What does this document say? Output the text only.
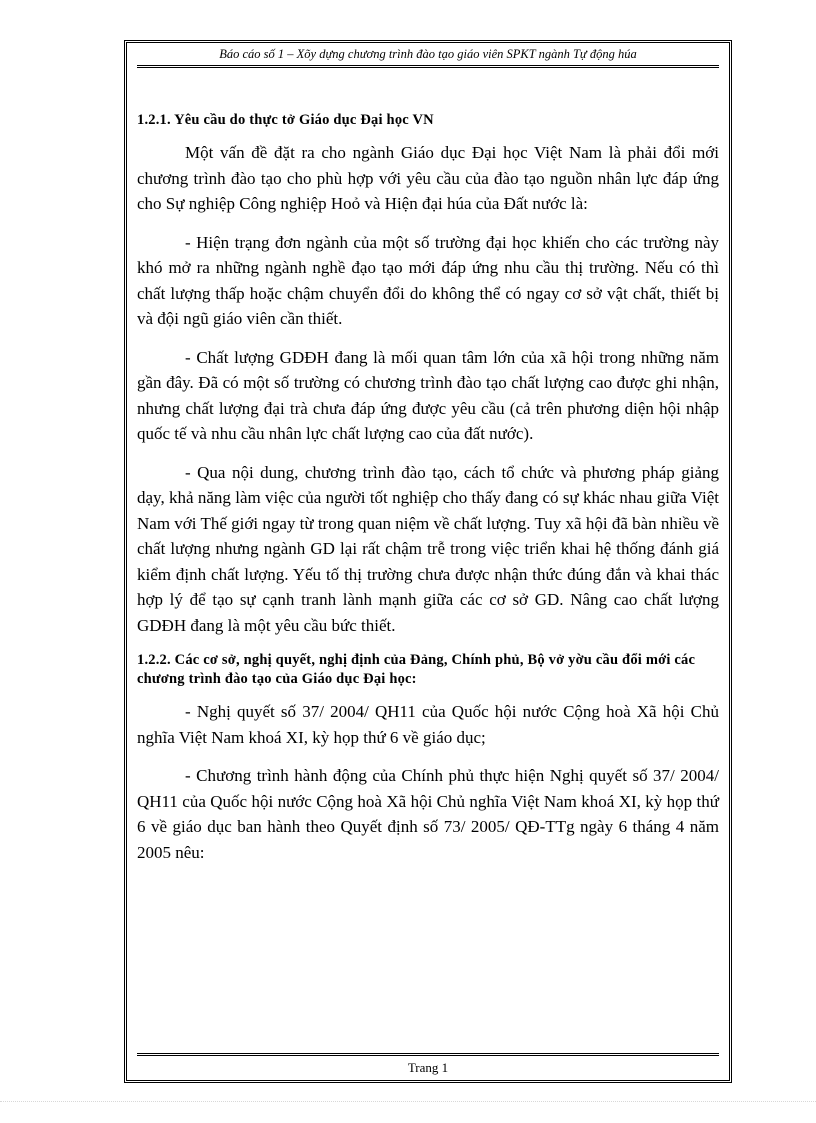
Báo cáo số 1 – Xõy dựng chương trình đào tạo giáo viên SPKT ngành Tự động húa
1.2.1. Yêu cầu do thực tở Giáo dục Đại học VN

Một vấn đề đặt ra cho ngành Giáo dục Đại học Việt Nam là phải đổi mới chương trình đào tạo cho phù hợp với yêu cầu của đào tạo nguồn nhân lực đáp ứng cho Sự nghiệp Công nghiệp Hoỏ và Hiện đại húa của Đất nước là:

- Hiện trạng đơn ngành của một số trường đại học khiến cho các trường này khó mở ra những ngành nghề đạo tạo mới đáp ứng nhu cầu thị trường. Nếu có thì chất lượng thấp hoặc chậm chuyển đổi do không thể có ngay cơ sở vật chất, thiết bị và đội ngũ giáo viên cần thiết.

- Chất lượng GDĐH đang là mối quan tâm lớn của xã hội trong những năm gần đây. Đã có một số trường có chương trình đào tạo chất lượng cao được ghi nhận, nhưng chất lượng đại trà chưa đáp ứng được yêu cầu (cả trên phương diện hội nhập quốc tế và nhu cầu nhân lực chất lượng cao của đất nước).

- Qua nội dung, chương trình đào tạo, cách tổ chức và phương pháp giảng dạy, khả năng làm việc của người tốt nghiệp cho thấy đang có sự khác nhau giữa Việt Nam với Thế giới ngay từ trong quan niệm về chất lượng. Tuy xã hội đã bàn nhiều về chất lượng nhưng ngành GD lại rất chậm trễ trong việc triển khai hệ thống đánh giá kiểm định chất lượng. Yếu tố thị trường chưa được nhận thức đúng đắn và khai thác hợp lý để tạo sự cạnh tranh lành mạnh giữa các cơ sở GD. Nâng cao chất lượng GDĐH đang là một yêu cầu bức thiết.

1.2.2. Các cơ sở, nghị quyết, nghị định của Đảng, Chính phủ, Bộ vở yờu cầu đổi mới các chương trình đào tạo của Giáo dục Đại học:

- Nghị quyết số 37/ 2004/ QH11 của Quốc hội nước Cộng hoà Xã hội Chủ nghĩa Việt Nam khoá XI, kỳ họp thứ 6 về giáo dục;

- Chương trình hành động của Chính phủ thực hiện Nghị quyết số 37/ 2004/ QH11 của Quốc hội nước Cộng hoà Xã hội Chủ nghĩa Việt Nam khoá XI, kỳ họp thứ 6 về giáo dục ban hành theo Quyết định số 73/ 2005/ QĐ-TTg ngày 6 tháng 4 năm 2005 nêu:

Trang 1
